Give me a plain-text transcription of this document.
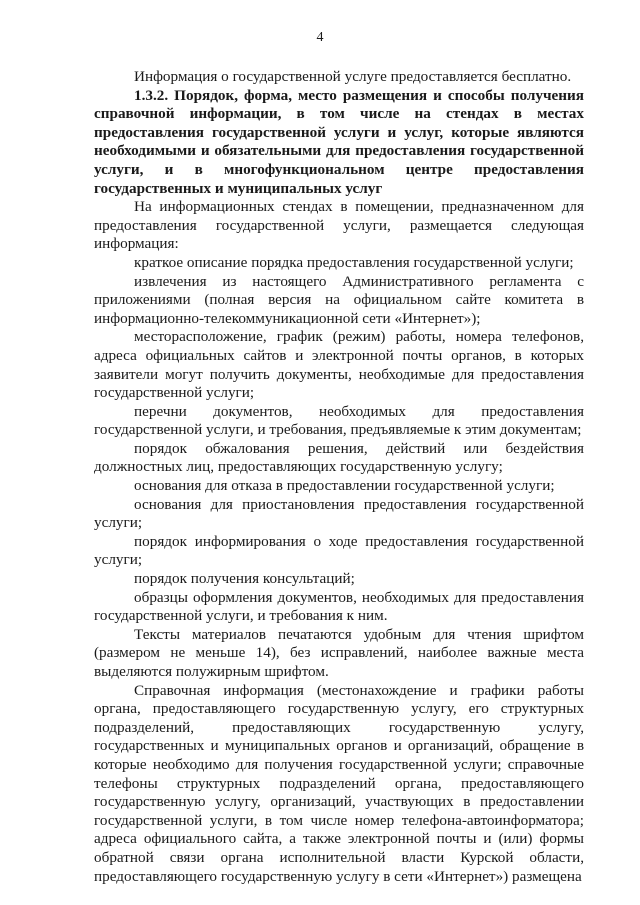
4

Информация о государственной услуге предоставляется бесплатно.

1.3.2. Порядок, форма, место размещения и способы получения справочной информации, в том числе на стендах в местах предоставления государственной услуги и услуг, которые являются необходимыми и обязательными для предоставления государственной услуги, и в многофункциональном центре предоставления государственных и муниципальных услуг

На информационных стендах в помещении, предназначенном для предоставления государственной услуги, размещается следующая информация:

краткое описание порядка предоставления государственной услуги;

извлечения из настоящего Административного регламента с приложениями (полная версия на официальном сайте комитета в информационно-телекоммуникационной сети «Интернет»);

месторасположение, график (режим) работы, номера телефонов, адреса официальных сайтов и электронной почты органов, в которых заявители могут получить документы, необходимые для предоставления государственной услуги;

перечни документов, необходимых для предоставления государственной услуги, и требования, предъявляемые к этим документам;

порядок обжалования решения, действий или бездействия должностных лиц, предоставляющих государственную услугу;

основания для отказа в предоставлении государственной услуги;

основания для приостановления предоставления государственной услуги;

порядок информирования о ходе предоставления государственной услуги;

порядок получения консультаций;

образцы оформления документов, необходимых для предоставления государственной услуги, и требования к ним.

Тексты материалов печатаются удобным для чтения шрифтом (размером не меньше 14), без исправлений, наиболее важные места выделяются полужирным шрифтом.

Справочная информация (местонахождение и графики работы органа, предоставляющего государственную услугу, его структурных подразделений, предоставляющих государственную услугу, государственных и муниципальных органов и организаций, обращение в которые необходимо для получения государственной услуги; справочные телефоны структурных подразделений органа, предоставляющего государственную услугу, организаций, участвующих в предоставлении государственной услуги, в том числе номер телефона-автоинформатора; адреса официального сайта, а также электронной почты и (или) формы обратной связи органа исполнительной власти Курской области, предоставляющего государственную услугу в сети «Интернет») размещена
